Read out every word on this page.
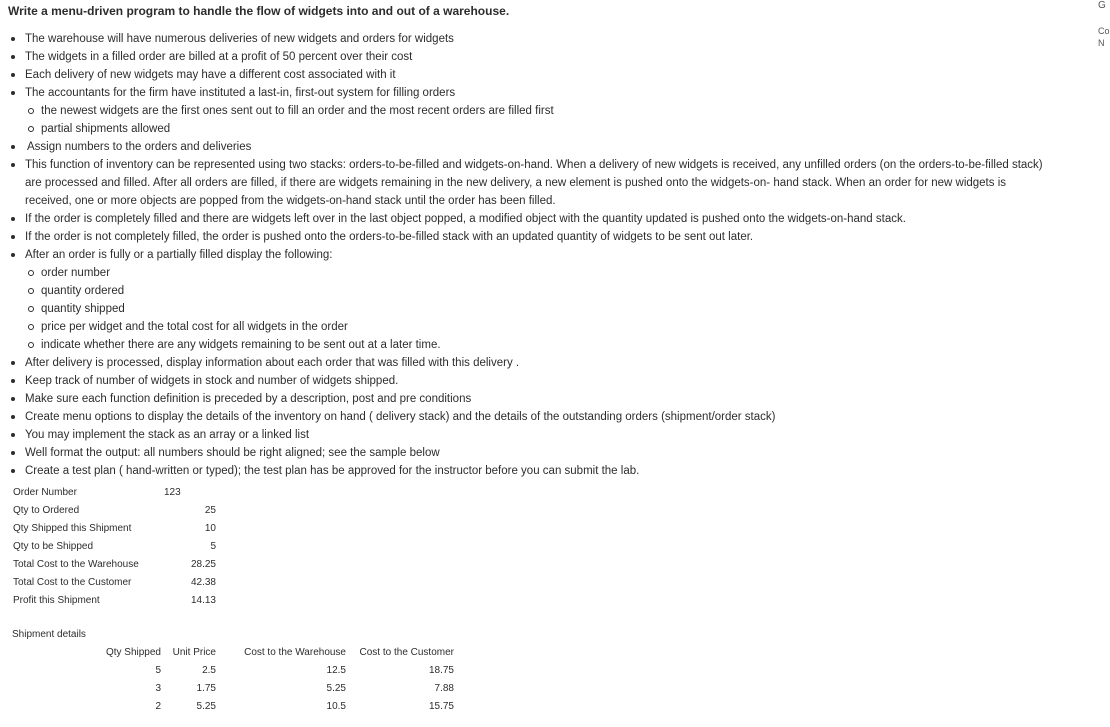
Write a menu-driven program to handle the flow of widgets into and out of a warehouse.
The warehouse will have numerous deliveries of new widgets and orders for widgets
The widgets in a filled order are billed at a profit of 50 percent over their cost
Each delivery of new widgets may have a different cost associated with it
The accountants for the firm have instituted a last-in, first-out system for filling orders
the newest widgets are the first ones sent out to fill an order and the most recent orders are filled first
partial shipments allowed
Assign numbers to the orders and deliveries
This function of inventory can be represented using two stacks: orders-to-be-filled and widgets-on-hand. When a delivery of new widgets is received, any unfilled orders (on the orders-to-be-filled stack) are processed and filled. After all orders are filled, if there are widgets remaining in the new delivery, a new element is pushed onto the widgets-on- hand stack. When an order for new widgets is received, one or more objects are popped from the widgets-on-hand stack until the order has been filled.
If the order is completely filled and there are widgets left over in the last object popped, a modified object with the quantity updated is pushed onto the widgets-on-hand stack.
If the order is not completely filled, the order is pushed onto the orders-to-be-filled stack with an updated quantity of widgets to be sent out later.
After an order is fully or a partially filled display the following:
order number
quantity ordered
quantity shipped
price per widget and the total cost for all widgets in the order
indicate whether there are any widgets remaining to be sent out at a later time.
After delivery is processed, display information about each order that was filled with this delivery .
Keep track of number of widgets in stock and number of widgets shipped.
Make sure each function definition is preceded by a description, post and pre conditions
Create menu options to display the details of the inventory on hand ( delivery stack) and the details of the outstanding orders (shipment/order stack)
You may implement the stack as an array or a linked list
Well format the output: all numbers should be right aligned; see the sample below
Create a test plan ( hand-written or typed); the test plan has be approved for the instructor before you can submit the lab.
Order Number	123
Qty to Ordered	25
Qty Shipped this Shipment	10
Qty to be Shipped	5
Total Cost to the Warehouse	28.25
Total Cost to the Customer	42.38
Profit this Shipment	14.13
Shipment details
Qty Shipped	Unit Price	Cost to the Warehouse	Cost to the Customer
5	2.5	12.5	18.75
3	1.75	5.25	7.88
2	5.25	10.5	15.75
G
Co
N
